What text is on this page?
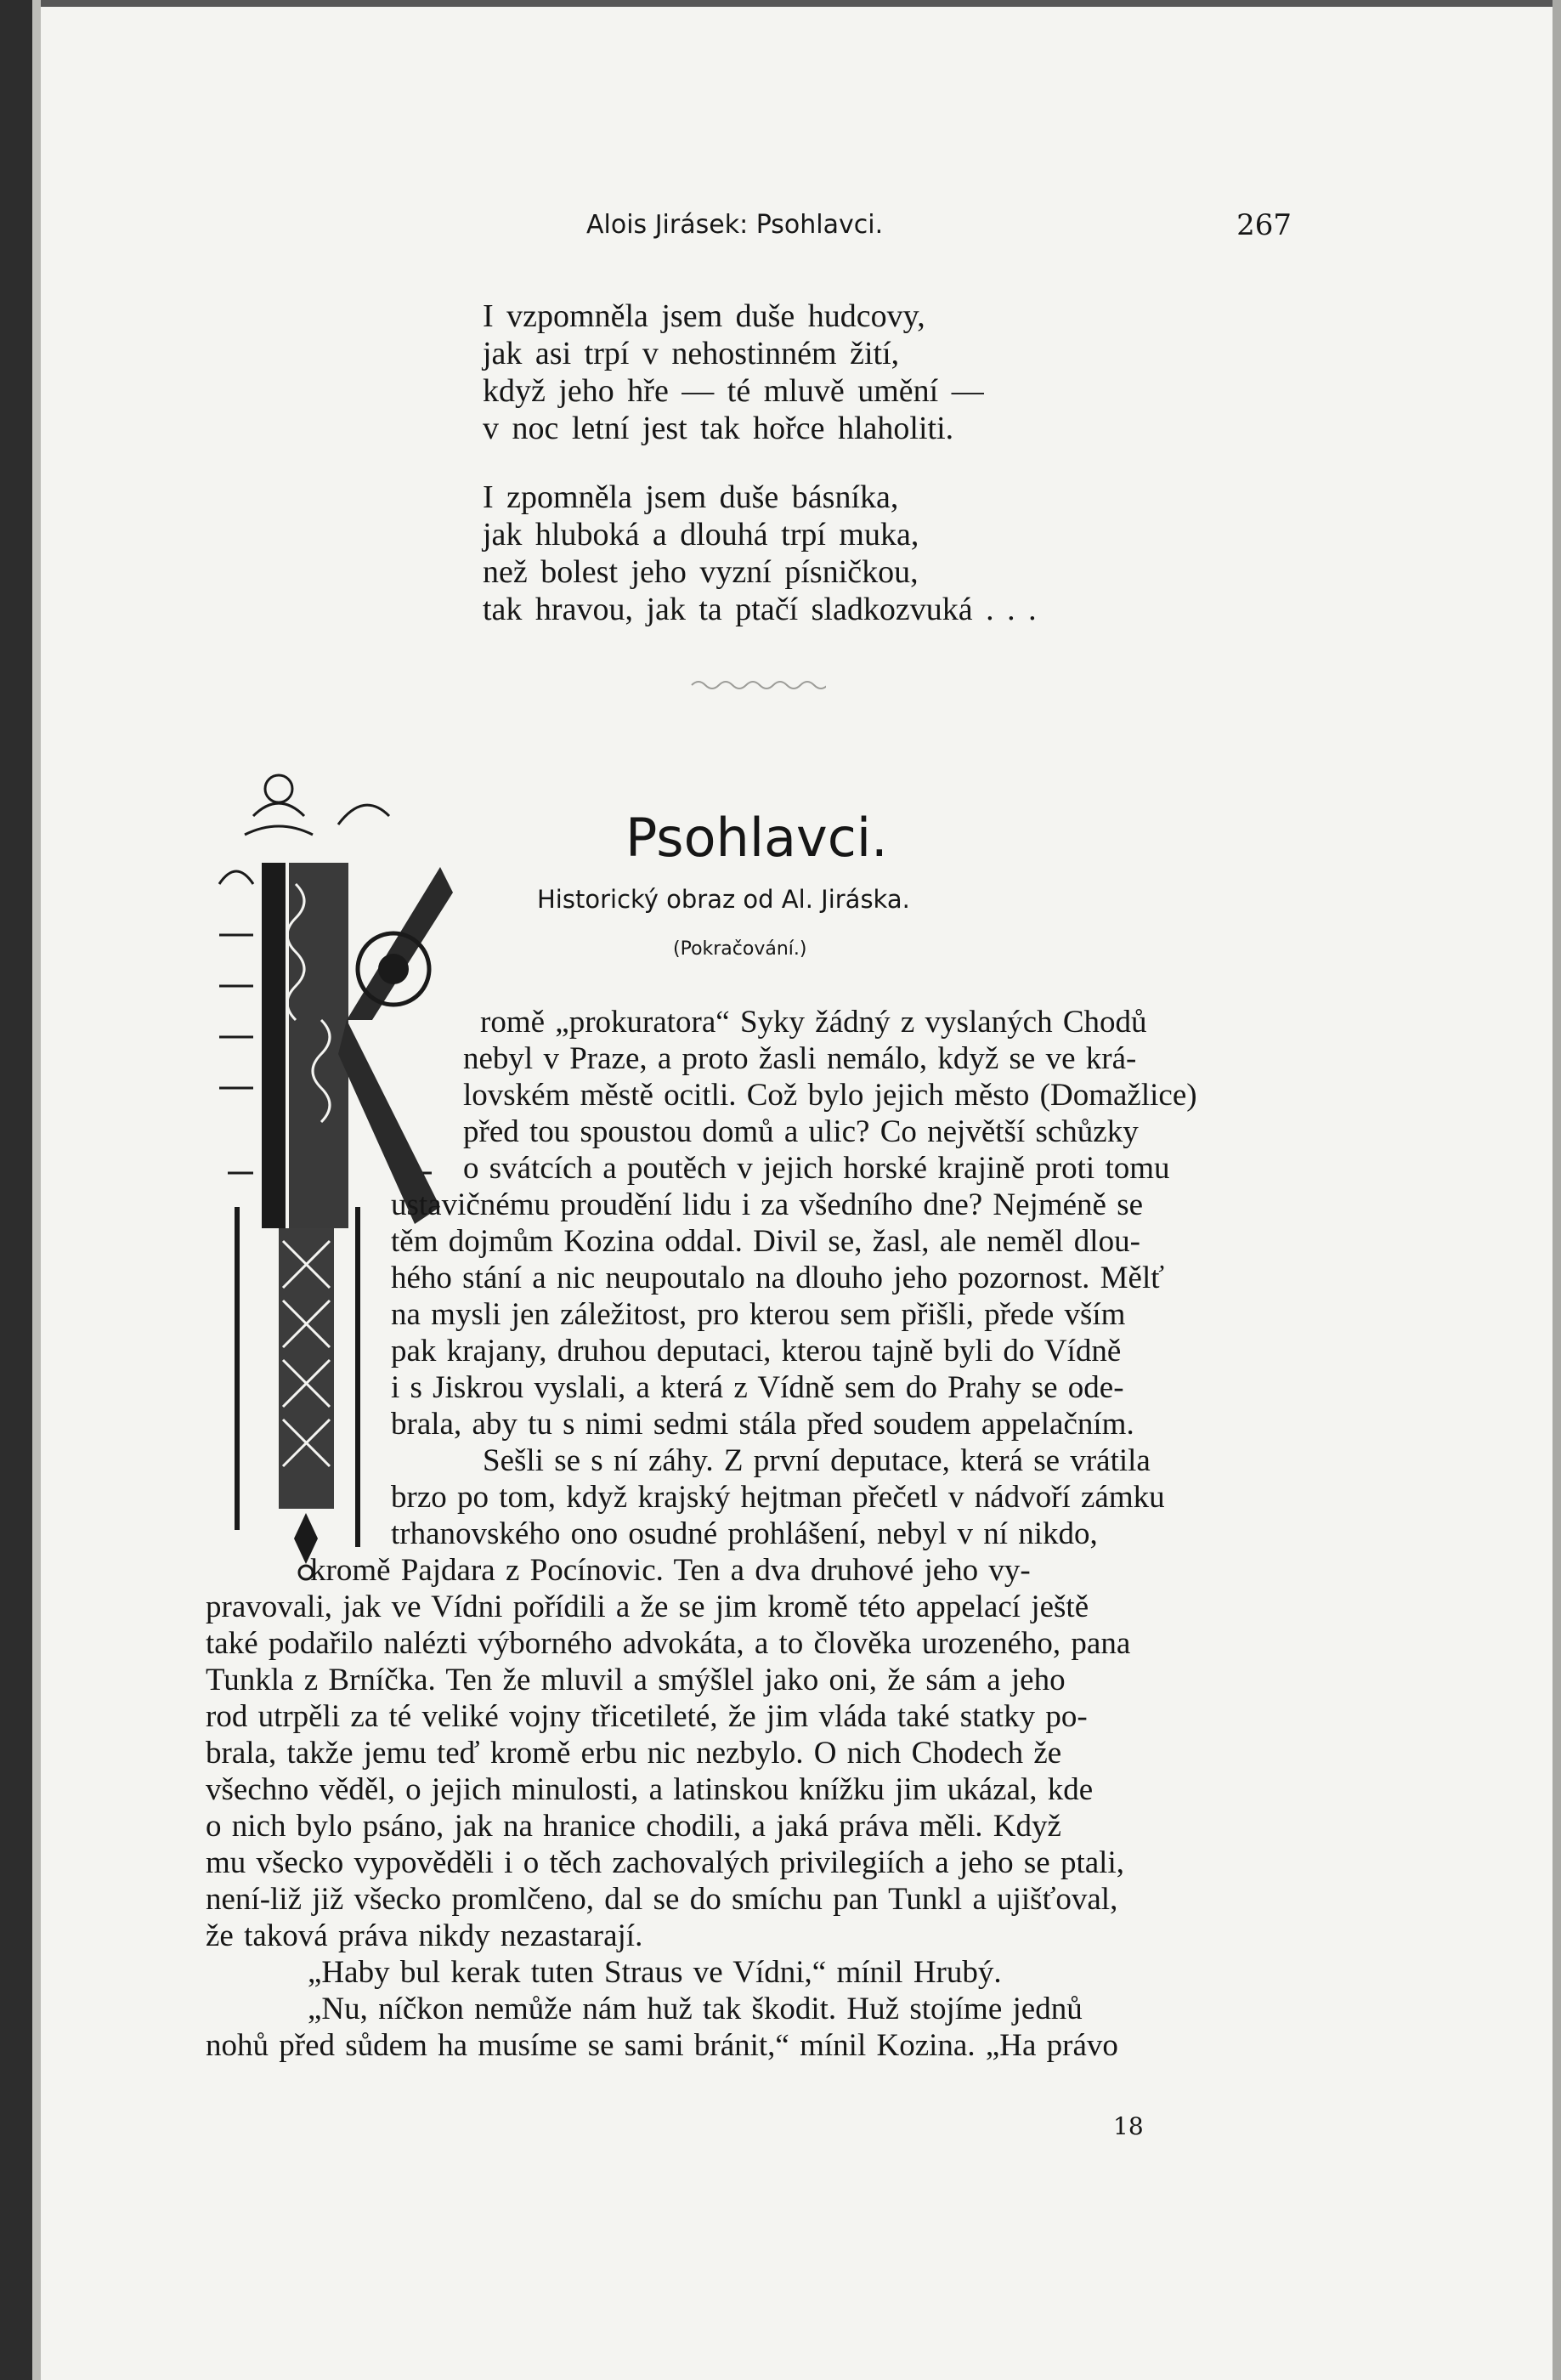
Alois Jirásek: Psohlavci.	267
I vzpomněla jsem duše hudcovy,
jak asi trpí v nehostinném žití,
když jeho hře — té mluvě umění —
v noc letní jest tak hořce hlaholiti.
I zpomněla jsem duše básníka,
jak hluboká a dlouhá trpí muka,
než bolest jeho vyzní písničkou,
tak hravou, jak ta ptačí sladkozvuká . . .
Psohlavci.
Historický obraz od Al. Jiráska.
(Pokračování.)
romě „prokuratora“ Syky žádný z vyslaných Chodů
nebyl v Praze, a proto žasli nemálo, když se ve krá-
lovském městě ocitli. Což bylo jejich město (Domažlice)
před tou spoustou domů a ulic? Co největší schůzky
o svátcích a poutěch v jejich horské krajině proti tomu
ustavičnému proudění lidu i za všedního dne? Nejméně se
těm dojmům Kozina oddal. Divil se, žasl, ale neměl dlou-
hého stání a nic neupoutalo na dlouho jeho pozornost. Mělť
na mysli jen záležitost, pro kterou sem přišli, přede vším
pak krajany, druhou deputaci, kterou tajně byli do Vídně
i s Jiskrou vyslali, a která z Vídně sem do Prahy se ode-
brala, aby tu s nimi sedmi stála před soudem appelačním.
Sešli se s ní záhy. Z první deputace, která se vrátila
brzo po tom, když krajský hejtman přečetl v nádvoří zámku
trhanovského ono osudné prohlášení, nebyl v ní nikdo,
kromě Pajdara z Pocínovic. Ten a dva druhové jeho vy-
pravovali, jak ve Vídni pořídili a že se jim kromě této appelací ještě
také podařilo nalézti výborného advokáta, a to člověka urozeného, pana
Tunkla z Brníčka. Ten že mluvil a smýšlel jako oni, že sám a jeho
rod utrpěli za té veliké vojny třicetileté, že jim vláda také statky po-
brala, takže jemu teď kromě erbu nic nezbylo. O nich Chodech že
všechno věděl, o jejich minulosti, a latinskou knížku jim ukázal, kde
o nich bylo psáno, jak na hranice chodili, a jaká práva měli. Když
mu všecko vypověděli i o těch zachovalých privilegiích a jeho se ptali,
není-liž již všecko promlčeno, dal se do smíchu pan Tunkl a ujišťoval,
že taková práva nikdy nezastarají.
„Haby bul kerak tuten Straus ve Vídni,“ mínil Hrubý.
„Nu, níčkon nemůže nám huž tak škodit. Huž stojíme jednů
nohů před sůdem ha musíme se sami bránit,“ mínil Kozina. „Ha právo
18
